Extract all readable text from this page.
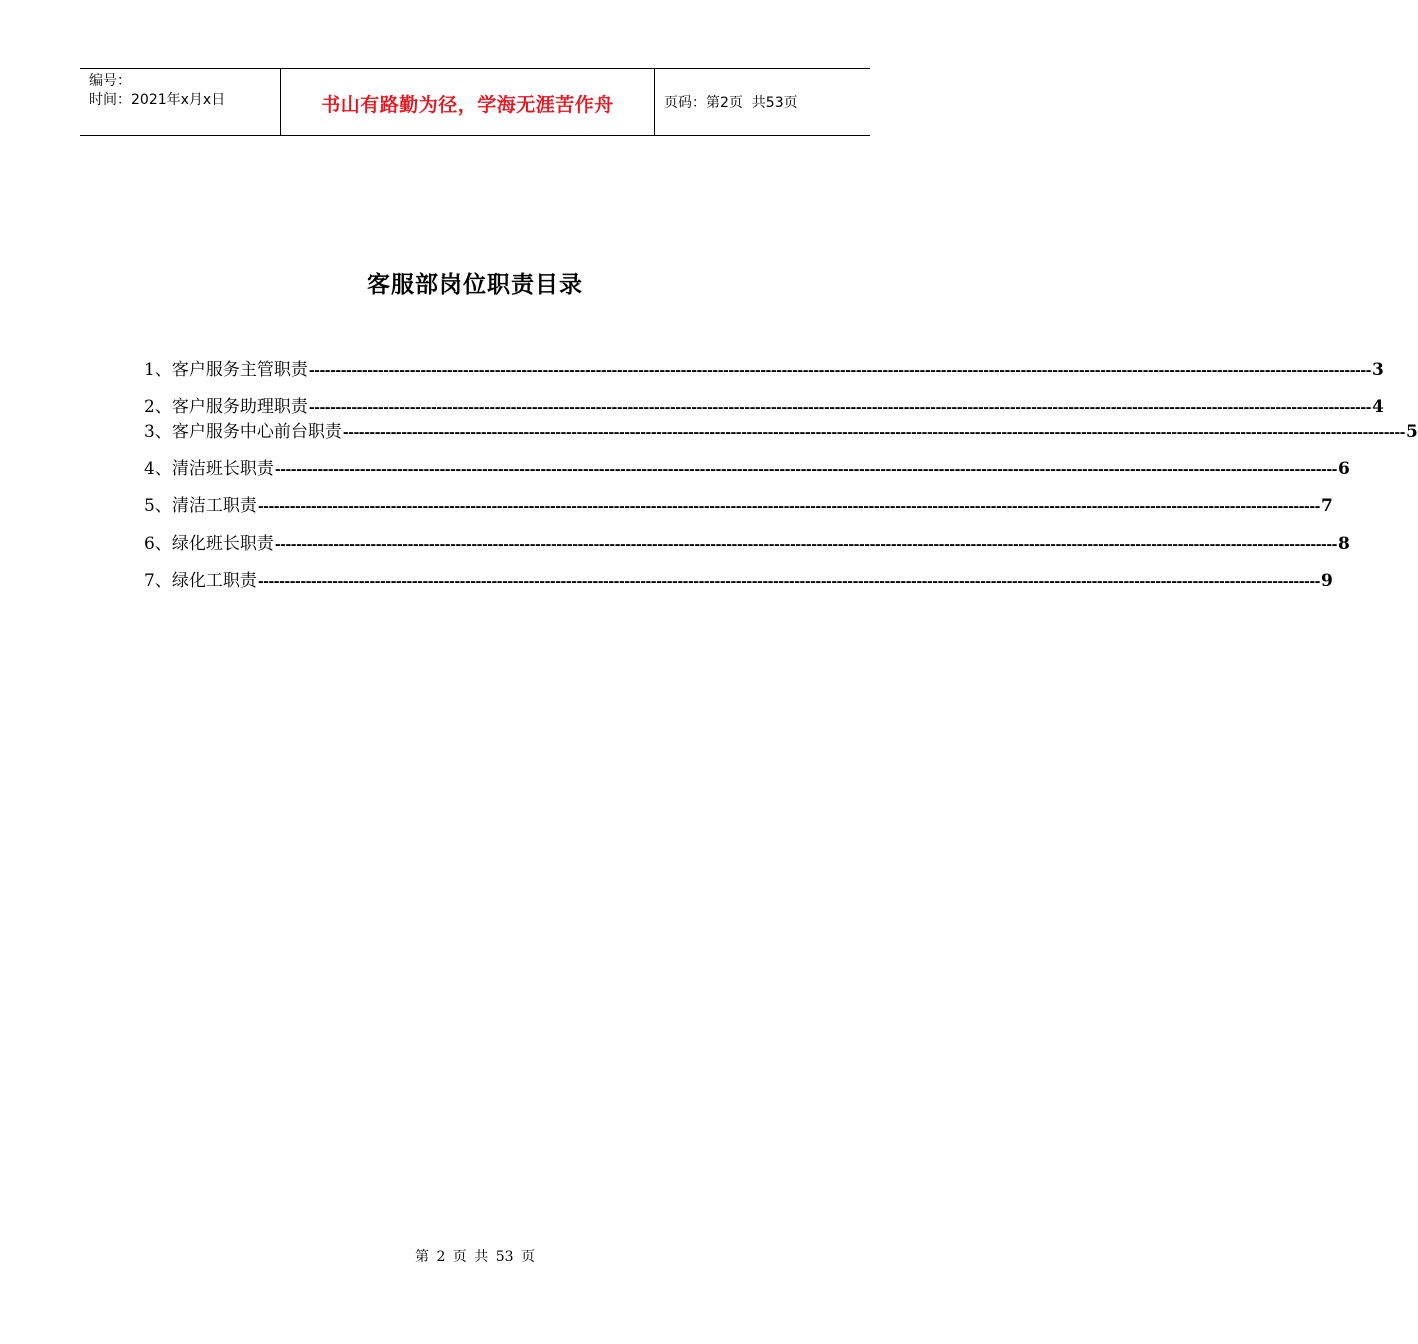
编号：
时间：2021年x月x日	书山有路勤为径，学海无涯苦作舟	页码：第2页  共53页
客服部岗位职责目录
1、客户服务主管职责 -------------------------------------------------------------------------------------------------------------------------------------------------------------------------------------------------------- 3
2、客户服务助理职责 -------------------------------------------------------------------------------------------------------------------------------------------------------------------------------------------------------- 4
3、客户服务中心前台职责 -------------------------------------------------------------------------------------------------------------------------------------------------------------------------------------------------------- 5
4、清洁班长职责 -------------------------------------------------------------------------------------------------------------------------------------------------------------------------------------------------------- 6
5、清洁工职责 -------------------------------------------------------------------------------------------------------------------------------------------------------------------------------------------------------- 7
6、绿化班长职责 -------------------------------------------------------------------------------------------------------------------------------------------------------------------------------------------------------- 8
7、绿化工职责 -------------------------------------------------------------------------------------------------------------------------------------------------------------------------------------------------------- 9
第 2 页 共 53 页
